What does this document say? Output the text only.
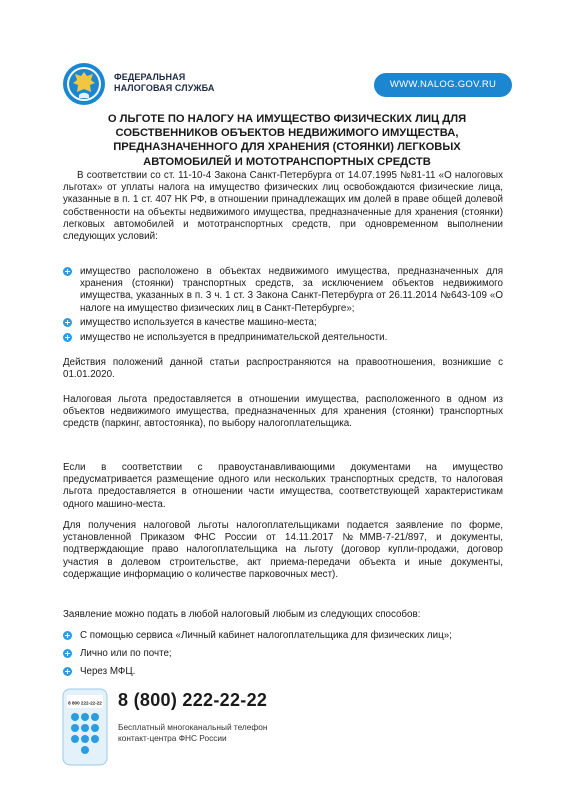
ФЕДЕРАЛЬНАЯ
НАЛОГОВАЯ СЛУЖБА	WWW.NALOG.GOV.RU
О ЛЬГОТЕ ПО НАЛОГУ НА ИМУЩЕСТВО ФИЗИЧЕСКИХ ЛИЦ ДЛЯ
СОБСТВЕННИКОВ ОБЪЕКТОВ НЕДВИЖИМОГО ИМУЩЕСТВА,
ПРЕДНАЗНАЧЕННОГО ДЛЯ ХРАНЕНИЯ (СТОЯНКИ) ЛЕГКОВЫХ
АВТОМОБИЛЕЙ И МОТОТРАНСПОРТНЫХ СРЕДСТВ

В соответствии со ст. 11-10-4 Закона Санкт-Петербурга от 14.07.1995 №81-11 «О налоговых льготах» от уплаты налога на имущество физических лиц освобождаются физические лица, указанные в п. 1 ст. 407 НК РФ, в отношении принадлежащих им долей в праве общей долевой собственности на объекты недвижимого имущества, предназначенные для хранения (стоянки) легковых автомобилей и мототранспортных средств, при одновременном выполнении следующих условий:

имущество расположено в объектах недвижимого имущества, предназначенных для хранения (стоянки) транспортных средств, за исключением объектов недвижимого имущества, указанных в п. 3 ч. 1 ст. 3 Закона Санкт-Петербурга от 26.11.2014 №643-109 «О налоге на имущество физических лиц в Санкт-Петербурге»;
имущество используется в качестве машино-места;
имущество не используется в предпринимательской деятельности.

Действия положений данной статьи распространяются на правоотношения, возникшие с 01.01.2020.

Налоговая льгота предоставляется в отношении имущества, расположенного в одном из объектов недвижимого имущества, предназначенных для хранения (стоянки) транспортных средств (паркинг, автостоянка), по выбору налогоплательщика.

Если в соответствии с правоустанавливающими документами на имущество предусматривается размещение одного или нескольких транспортных средств, то налоговая льгота предоставляется в отношении части имущества, соответствующей характеристикам одного машино-места.

Для получения налоговой льготы налогоплательщиками подается заявление по форме, установленной Приказом ФНС России от 14.11.2017 №ММВ-7-21/897, и документы, подтверждающие право налогоплательщика на льготу (договор купли-продажи, договор участия в долевом строительстве, акт приема-передачи объекта и иные документы, содержащие информацию о количестве парковочных мест).

Заявление можно подать в любой налоговый любым из следующих способов:

С помощью сервиса «Личный кабинет налогоплательщика для физических лиц»;
Лично или по почте;
Через МФЦ.
8 800 222-22-22 8 (800) 222-22-22
Бесплатный многоканальный телефон
контакт-центра ФНС России
